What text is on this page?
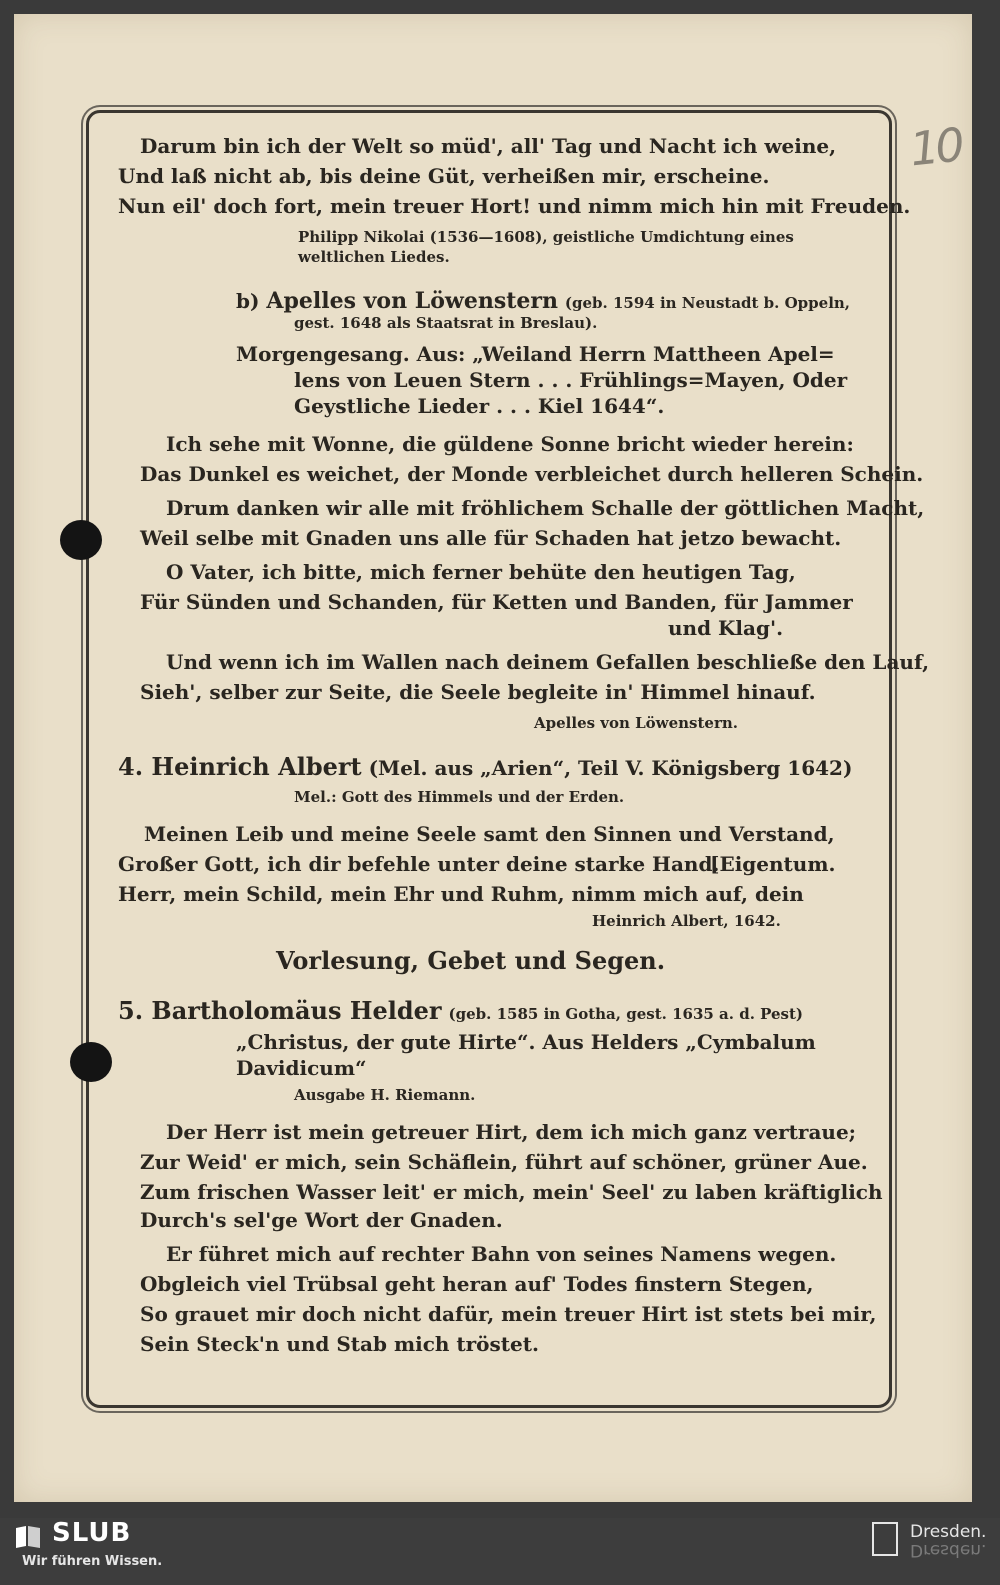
10
Darum bin ich der Welt so müd', all' Tag und Nacht ich weine,
Und laß nicht ab, bis deine Güt, verheißen mir, erscheine.
Nun eil' doch fort, mein treuer Hort! und nimm mich hin mit Freuden.
Philipp Nikolai (1536—1608), geistliche Umdichtung eines
weltlichen Liedes.
b) Apelles von Löwenstern (geb. 1594 in Neustadt b. Oppeln,
gest. 1648 als Staatsrat in Breslau).
Morgengesang. Aus: „Weiland Herrn Mattheen Apel=
lens von Leuen Stern . . . Frühlings=Mayen, Oder
Geystliche Lieder . . . Kiel 1644“.
Ich sehe mit Wonne, die güldene Sonne bricht wieder herein:
Das Dunkel es weichet, der Monde verbleichet durch helleren Schein.
Drum danken wir alle mit fröhlichem Schalle der göttlichen Macht,
Weil selbe mit Gnaden uns alle für Schaden hat jetzo bewacht.
O Vater, ich bitte, mich ferner behüte den heutigen Tag,
Für Sünden und Schanden, für Ketten und Banden, für Jammer
und Klag'.
Und wenn ich im Wallen nach deinem Gefallen beschließe den Lauf,
Sieh', selber zur Seite, die Seele begleite in' Himmel hinauf.
Apelles von Löwenstern.
4. Heinrich Albert (Mel. aus „Arien“, Teil V. Königsberg 1642)
Mel.: Gott des Himmels und der Erden.
Meinen Leib und meine Seele samt den Sinnen und Verstand,
Großer Gott, ich dir befehle unter deine starke Hand.
[Eigentum.
Herr, mein Schild, mein Ehr und Ruhm, nimm mich auf, dein
Heinrich Albert, 1642.
Vorlesung, Gebet und Segen.
5. Bartholomäus Helder (geb. 1585 in Gotha, gest. 1635 a. d. Pest)
„Christus, der gute Hirte“. Aus Helders „Cymbalum
Davidicum“
Ausgabe H. Riemann.
Der Herr ist mein getreuer Hirt, dem ich mich ganz vertraue;
Zur Weid' er mich, sein Schäflein, führt auf schöner, grüner Aue.
Zum frischen Wasser leit' er mich, mein' Seel' zu laben kräftiglich
Durch's sel'ge Wort der Gnaden.
Er führet mich auf rechter Bahn von seines Namens wegen.
Obgleich viel Trübsal geht heran auf' Todes finstern Stegen,
So grauet mir doch nicht dafür, mein treuer Hirt ist stets bei mir,
Sein Steck'n und Stab mich tröstet.
SLUB
Wir führen Wissen.
Dresden.
Dresden.
